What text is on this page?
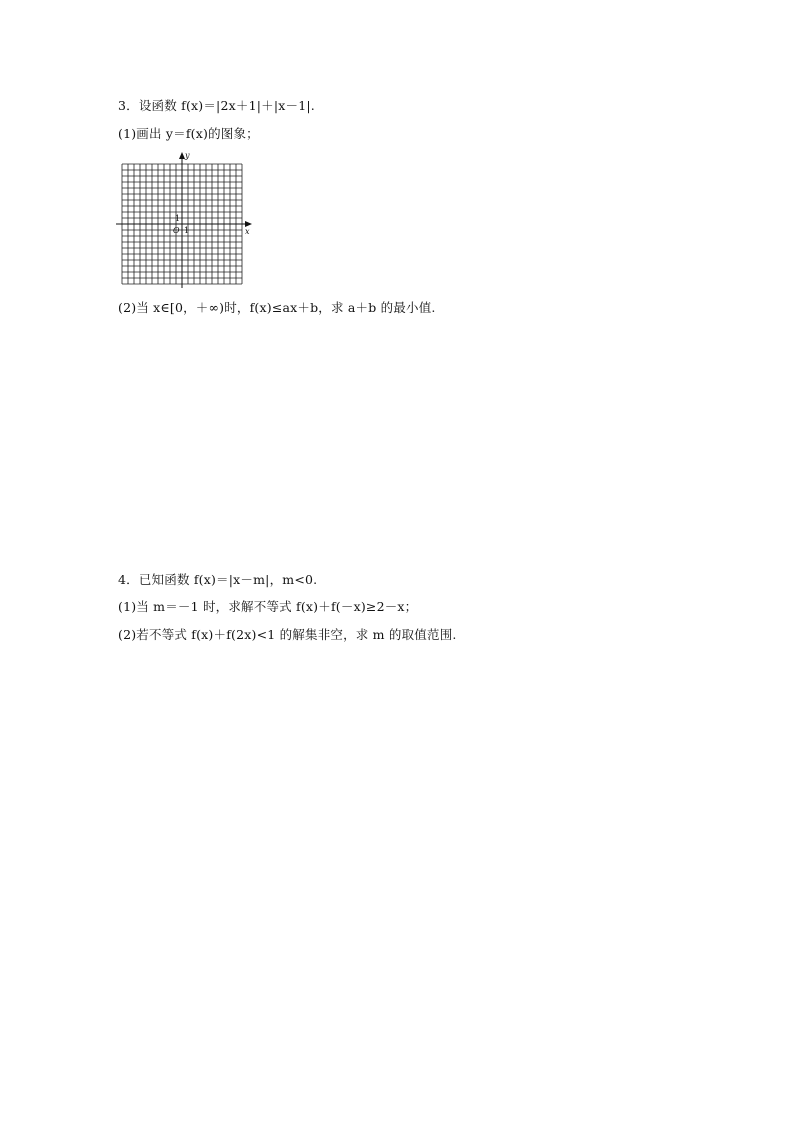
3．设函数 f(x)＝|2x＋1|＋|x－1|.
(1)画出 y＝f(x)的图象；
x
y
O 1
1
(2)当 x∈[0，＋∞)时，f(x)≤ax＋b，求 a＋b 的最小值.
4．已知函数 f(x)＝|x－m|，m<0.
(1)当 m＝－1 时，求解不等式 f(x)＋f(－x)≥2－x；
(2)若不等式 f(x)＋f(2x)<1 的解集非空，求 m 的取值范围.
